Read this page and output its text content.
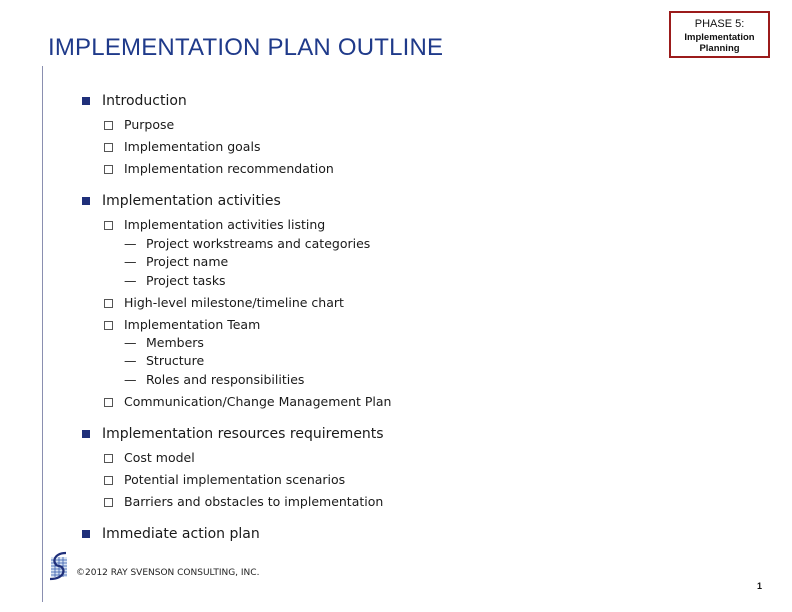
IMPLEMENTATION PLAN OUTLINE
PHASE 5:
Implementation
Planning
Introduction
Purpose
Implementation goals
Implementation recommendation
Implementation activities
Implementation activities listing
— Project workstreams and categories
— Project name
— Project tasks
High-level milestone/timeline chart
Implementation Team
— Members
— Structure
— Roles and responsibilities
Communication/Change Management Plan
Implementation resources requirements
Cost model
Potential implementation scenarios
Barriers and obstacles to implementation
Immediate action plan
©2012 RAY SVENSON CONSULTING, INC.
1
